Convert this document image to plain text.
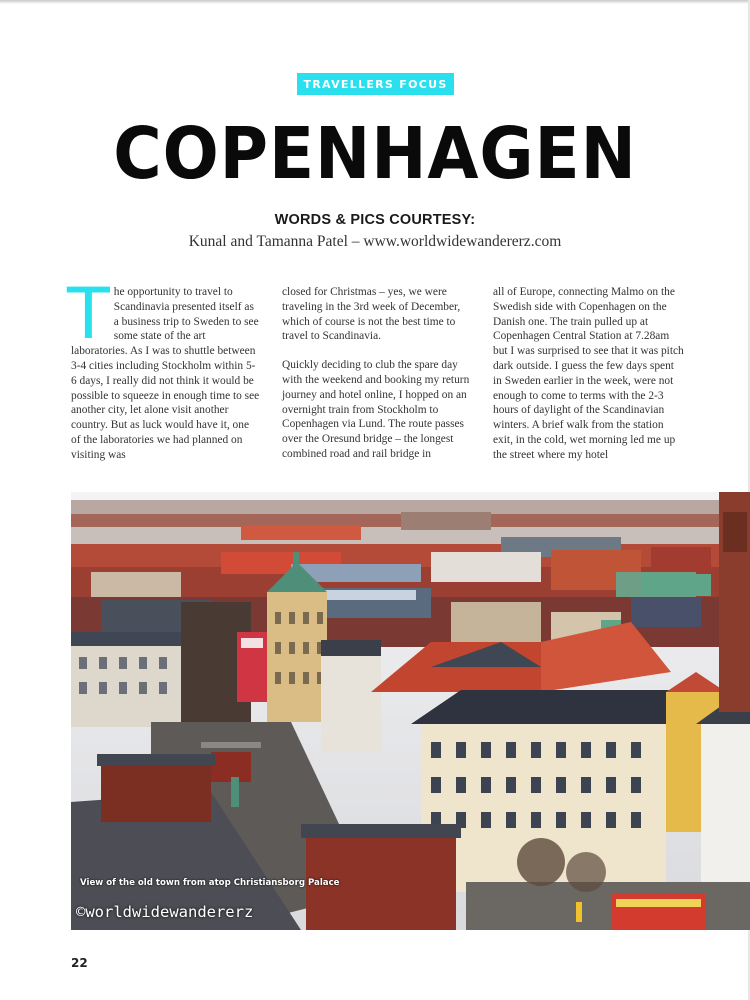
TRAVELLERS FOCUS
COPENHAGEN
WORDS & PICS COURTESY:
Kunal and Tamanna Patel – www.worldwidewandererz.com

The opportunity to travel to Scandinavia presented itself as a business trip to Sweden to see some state of the art laboratories. As I was to shuttle between 3-4 cities including Stockholm within 5-6 days, I really did not think it would be possible to squeeze in enough time to see another city, let alone visit another country. But as luck would have it, one of the laboratories we had planned on visiting was

closed for Christmas – yes, we were traveling in the 3rd week of December, which of course is not the best time to travel to Scandinavia.

Quickly deciding to club the spare day with the weekend and booking my return journey and hotel online, I hopped on an overnight train from Stockholm to Copenhagen via Lund. The route passes over the Oresund bridge – the longest combined road and rail bridge in

all of Europe, connecting Malmo on the Swedish side with Copenhagen on the Danish one. The train pulled up at Copenhagen Central Station at 7.28am but I was surprised to see that it was pitch dark outside. I guess the few days spent in Sweden earlier in the week, were not enough to come to terms with the 2-3 hours of daylight of the Scandinavian winters. A brief walk from the station exit, in the cold, wet morning led me up the street where my hotel

View of the old town from atop Christiansborg Palace
©worldwidewandererz
22
